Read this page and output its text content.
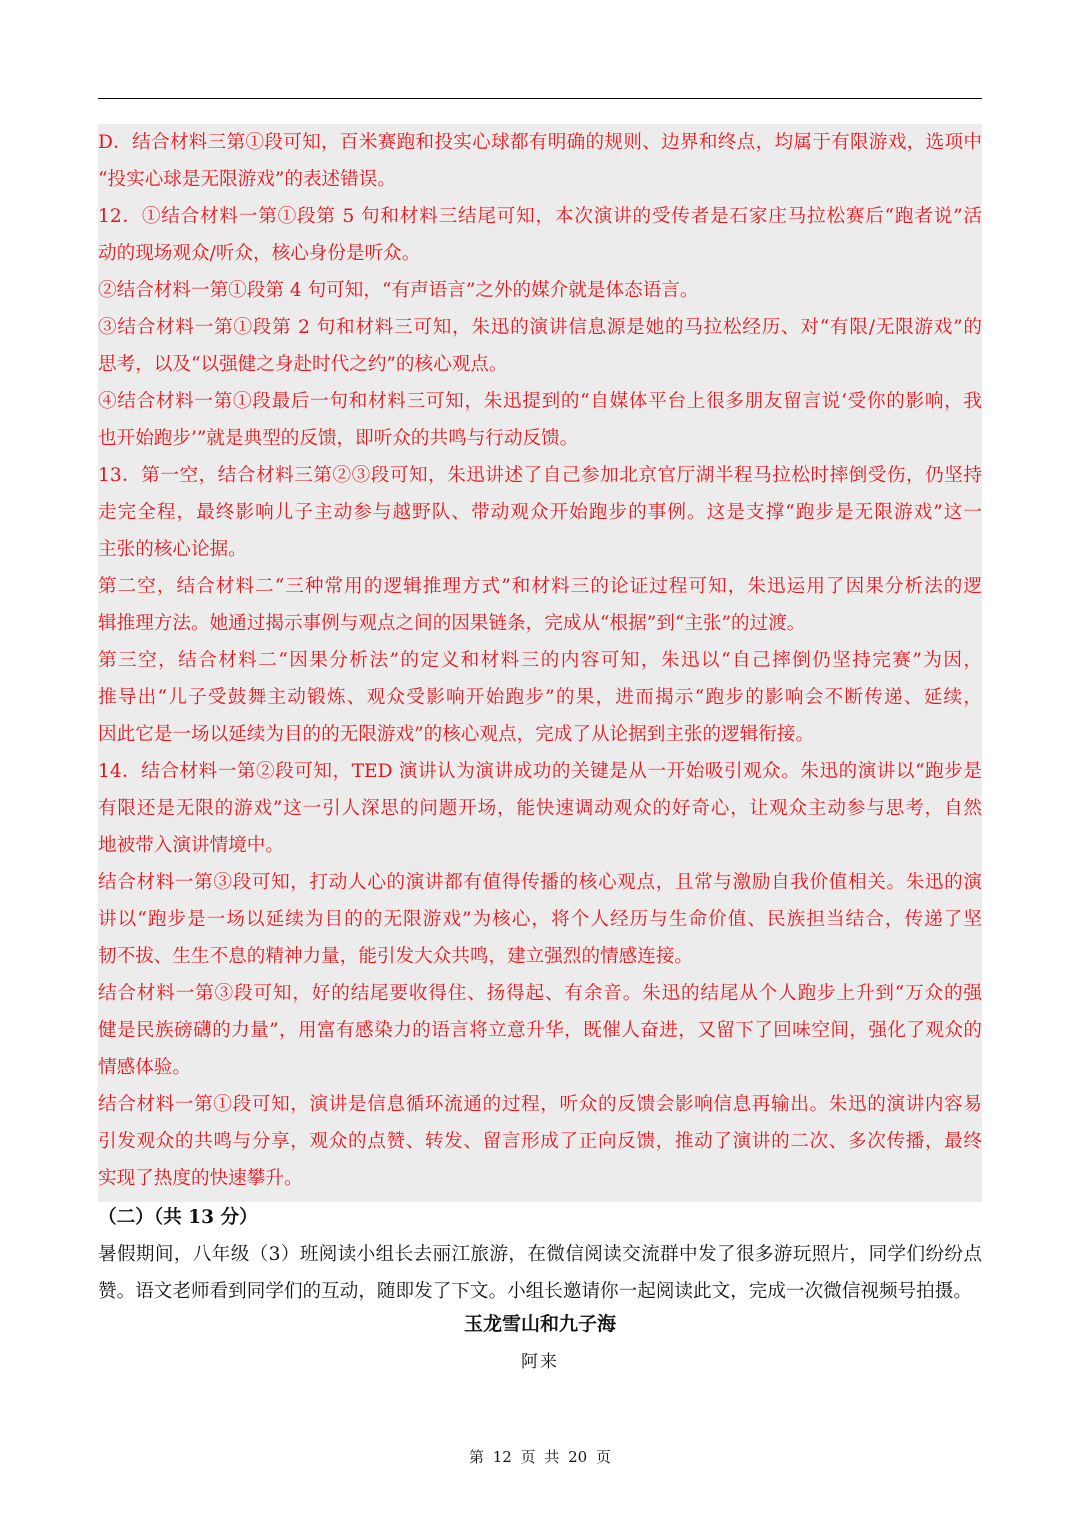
D．结合材料三第①段可知，百米赛跑和投实心球都有明确的规则、边界和终点，均属于有限游戏，选项中
“投实心球是无限游戏”的表述错误。
12．①结合材料一第①段第 5 句和材料三结尾可知，本次演讲的受传者是石家庄马拉松赛后“跑者说”活
动的现场观众/听众，核心身份是听众。
②结合材料一第①段第 4 句可知，“有声语言”之外的媒介就是体态语言。
③结合材料一第①段第 2 句和材料三可知，朱迅的演讲信息源是她的马拉松经历、对“有限/无限游戏”的
思考，以及“以强健之身赴时代之约”的核心观点。
④结合材料一第①段最后一句和材料三可知，朱迅提到的“自媒体平台上很多朋友留言说‘受你的影响，我
也开始跑步’”就是典型的反馈，即听众的共鸣与行动反馈。
13．第一空，结合材料三第②③段可知，朱迅讲述了自己参加北京官厅湖半程马拉松时摔倒受伤，仍坚持
走完全程，最终影响儿子主动参与越野队、带动观众开始跑步的事例。这是支撑“跑步是无限游戏”这一
主张的核心论据。
第二空，结合材料二“三种常用的逻辑推理方式”和材料三的论证过程可知，朱迅运用了因果分析法的逻
辑推理方法。她通过揭示事例与观点之间的因果链条，完成从“根据”到“主张”的过渡。
第三空，结合材料二“因果分析法”的定义和材料三的内容可知，朱迅以“自己摔倒仍坚持完赛”为因，
推导出“儿子受鼓舞主动锻炼、观众受影响开始跑步”的果，进而揭示“跑步的影响会不断传递、延续，
因此它是一场以延续为目的的无限游戏”的核心观点，完成了从论据到主张的逻辑衔接。
14．结合材料一第②段可知，TED 演讲认为演讲成功的关键是从一开始吸引观众。朱迅的演讲以“跑步是
有限还是无限的游戏”这一引人深思的问题开场，能快速调动观众的好奇心，让观众主动参与思考，自然
地被带入演讲情境中。
结合材料一第③段可知，打动人心的演讲都有值得传播的核心观点，且常与激励自我价值相关。朱迅的演
讲以“跑步是一场以延续为目的的无限游戏”为核心，将个人经历与生命价值、民族担当结合，传递了坚
韧不拔、生生不息的精神力量，能引发大众共鸣，建立强烈的情感连接。
结合材料一第③段可知，好的结尾要收得住、扬得起、有余音。朱迅的结尾从个人跑步上升到“万众的强
健是民族磅礴的力量”，用富有感染力的语言将立意升华，既催人奋进，又留下了回味空间，强化了观众的
情感体验。
结合材料一第①段可知，演讲是信息循环流通的过程，听众的反馈会影响信息再输出。朱迅的演讲内容易
引发观众的共鸣与分享，观众的点赞、转发、留言形成了正向反馈，推动了演讲的二次、多次传播，最终
实现了热度的快速攀升。
（二）（共 13 分）
暑假期间，八年级（3）班阅读小组长去丽江旅游，在微信阅读交流群中发了很多游玩照片，同学们纷纷点
赞。语文老师看到同学们的互动，随即发了下文。小组长邀请你一起阅读此文，完成一次微信视频号拍摄。
玉龙雪山和九子海
阿来
第 12 页 共 20 页
